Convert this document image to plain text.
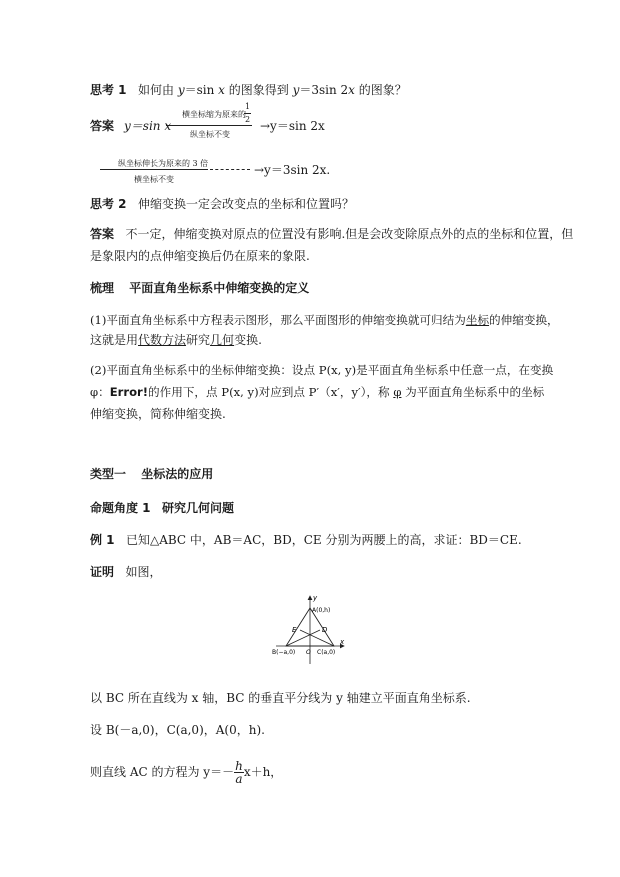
思考 1 如何由 y＝sin x 的图象得到 y＝3sin 2x 的图象？
答案 y＝sin x
横坐标缩为原来的
$\frac{1}{2}$
纵坐标不变
→y＝sin 2x
纵坐标伸长为原来的 3 倍
横坐标不变
→y＝3sin 2x.
思考 2 伸缩变换一定会改变点的坐标和位置吗？
答案 不一定，伸缩变换对原点的位置没有影响.但是会改变除原点外的点的坐标和位置，但
是象限内的点伸缩变换后仍在原来的象限.
梳理 平面直角坐标系中伸缩变换的定义
(1)平面直角坐标系中方程表示图形，那么平面图形的伸缩变换就可归结为坐标的伸缩变换，
这就是用代数方法研究几何变换.
(2)平面直角坐标系中的坐标伸缩变换：设点 P(x, y)是平面直角坐标系中任意一点，在变换
φ：Error!的作用下，点 P(x, y)对应到点 P′（x′，y′），称 φ 为平面直角坐标系中的坐标
伸缩变换，简称伸缩变换.
类型一 坐标法的应用
命题角度 1 研究几何问题
例 1 已知△ABC 中，AB＝AC，BD，CE 分别为两腰上的高，求证：BD＝CE.
证明 如图，
y
x
A(0,h)
E	D
B(−a,0) O C(a,0)
以 BC 所在直线为 x 轴，BC 的垂直平分线为 y 轴建立平面直角坐标系.
设 B(－a,0)，C(a,0)，A(0，h).
则直线 AC 的方程为 $y=- \frac{h}{a} x+h$，
